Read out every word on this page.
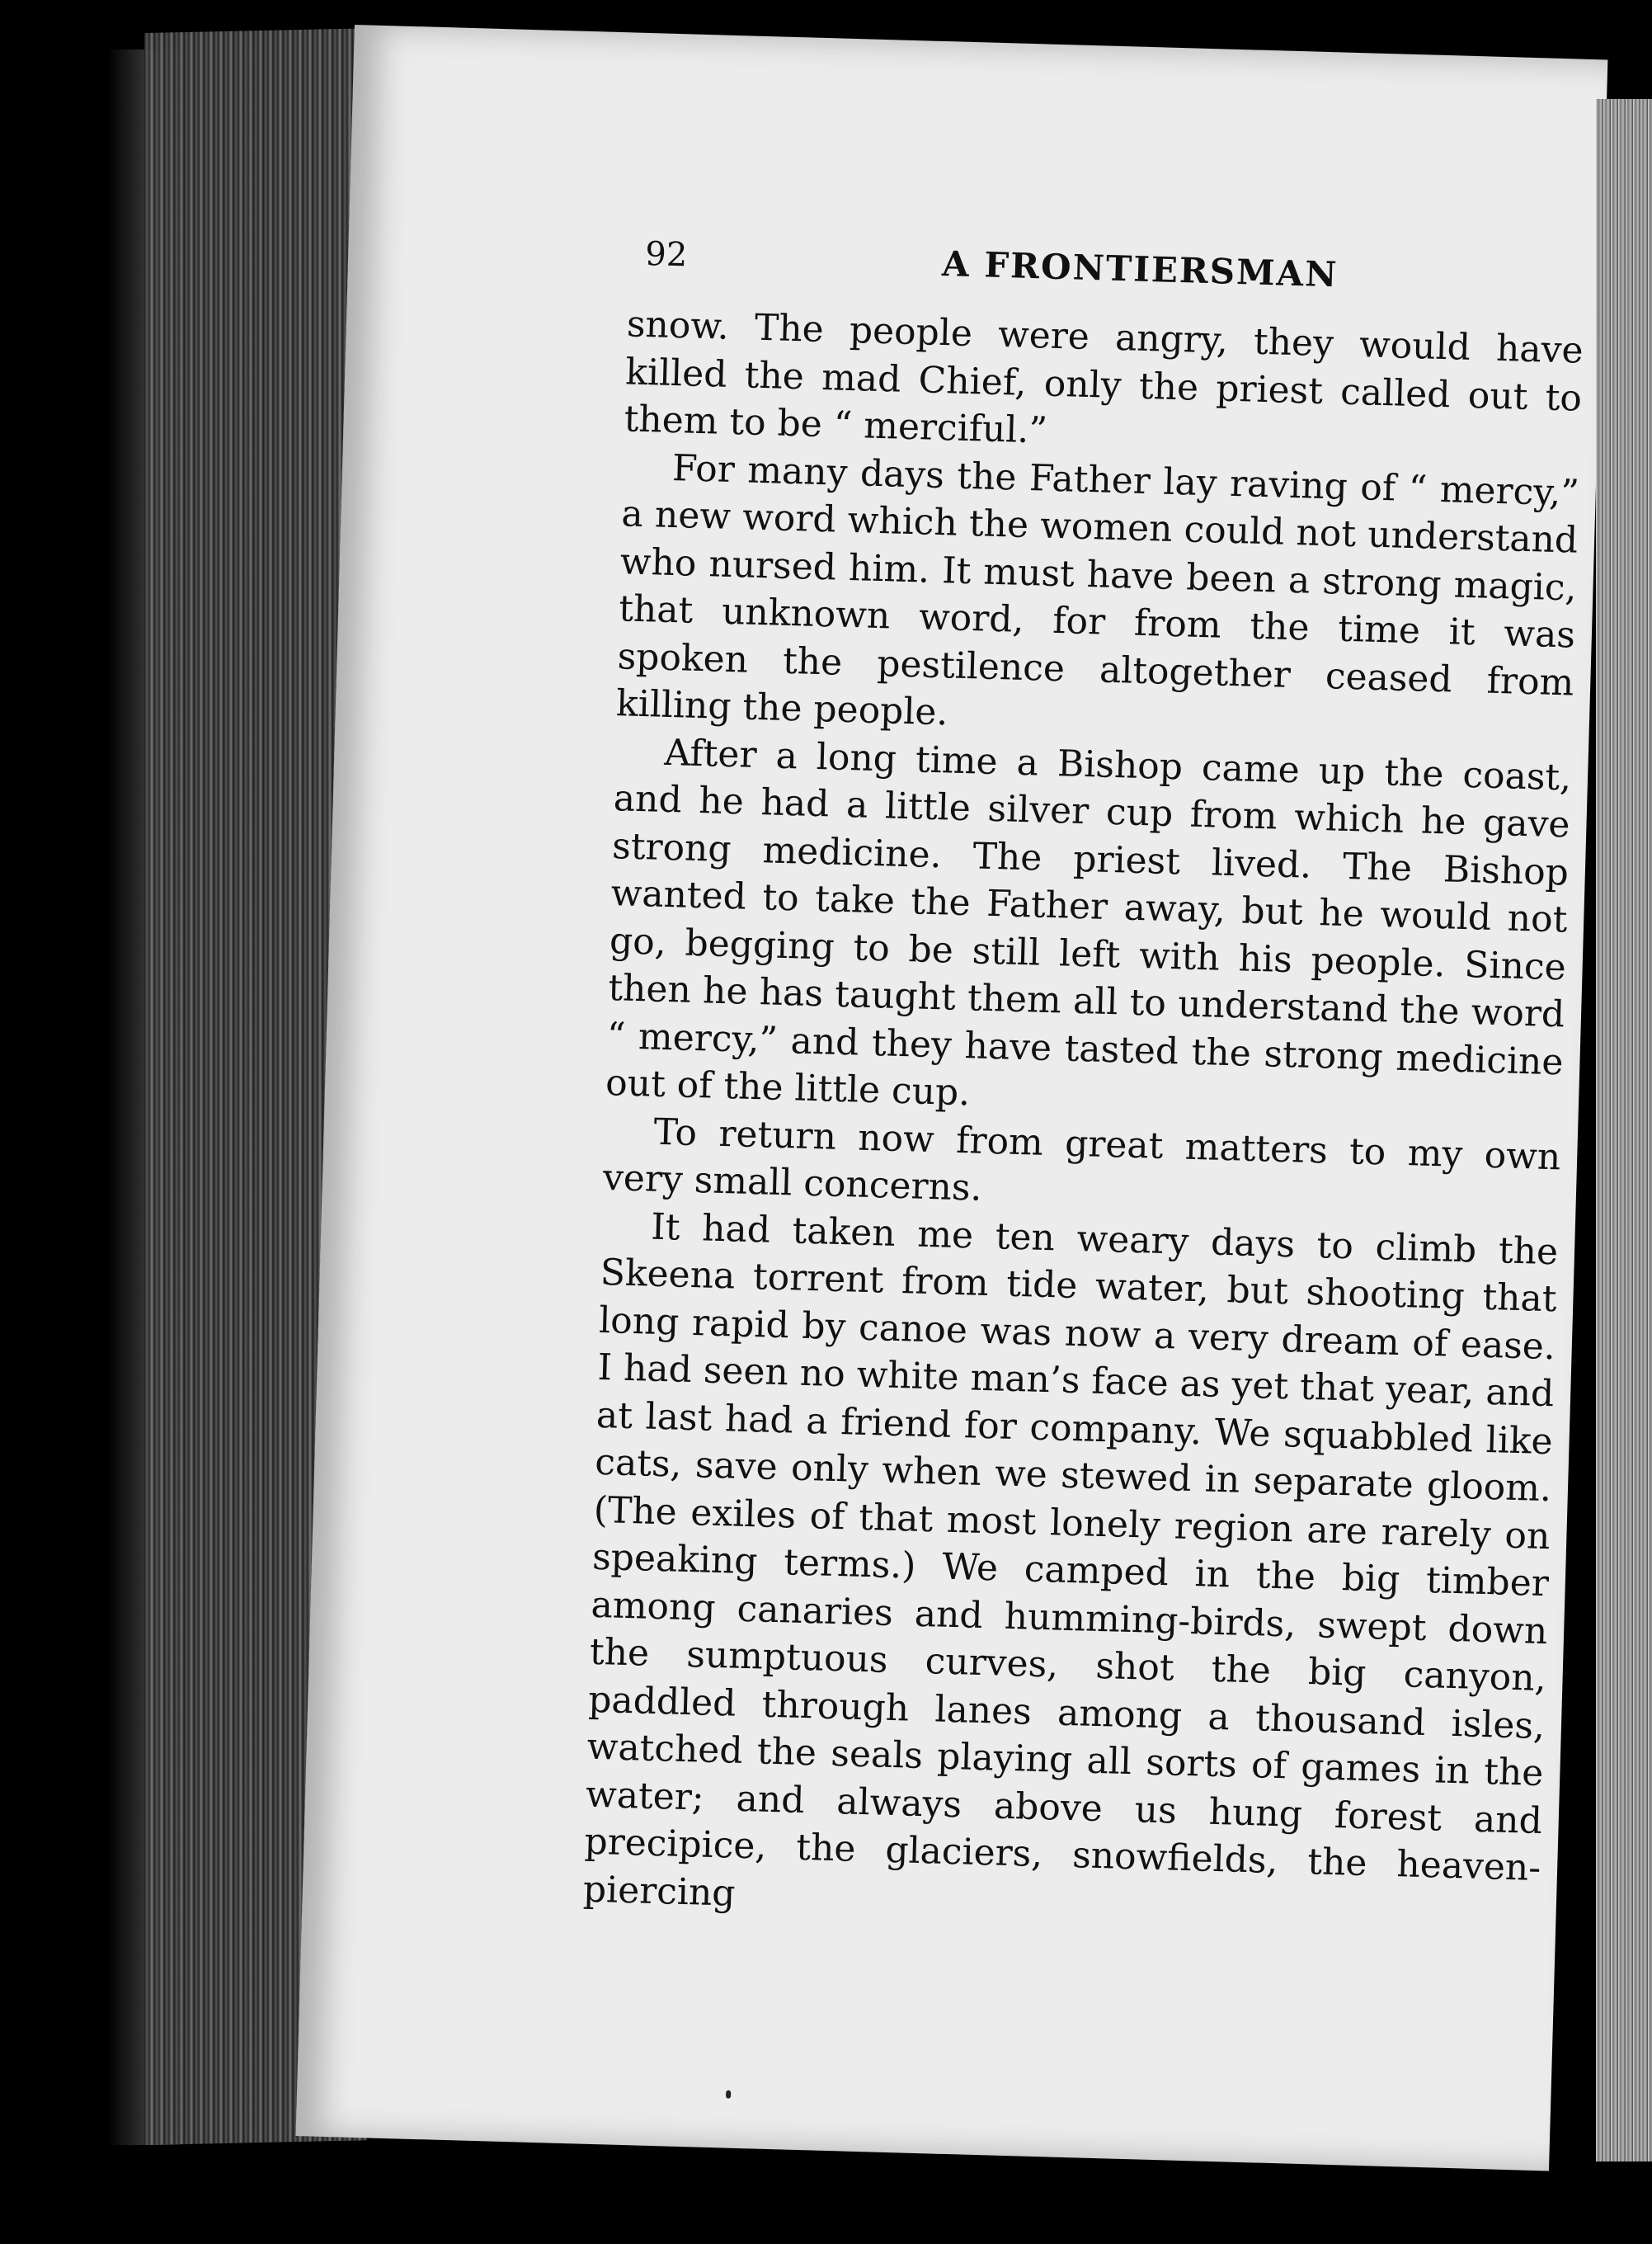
92	A FRONTIERSMAN

snow. The people were angry, they would have killed the mad Chief, only the priest called out to them to be “ merciful.”

For many days the Father lay raving of “ mercy,” a new word which the women could not understand who nursed him. It must have been a strong magic, that unknown word, for from the time it was spoken the pestilence altogether ceased from killing the people.

After a long time a Bishop came up the coast, and he had a little silver cup from which he gave strong medicine. The priest lived. The Bishop wanted to take the Father away, but he would not go, begging to be still left with his people. Since then he has taught them all to understand the word “ mercy,” and they have tasted the strong medicine out of the little cup.

To return now from great matters to my own very small concerns.

It had taken me ten weary days to climb the Skeena torrent from tide water, but shooting that long rapid by canoe was now a very dream of ease. I had seen no white man’s face as yet that year, and at last had a friend for company. We squabbled like cats, save only when we stewed in separate gloom. (The exiles of that most lonely region are rarely on speaking terms.) We camped in the big timber among canaries and humming-birds, swept down the sumptuous curves, shot the big canyon, paddled through lanes among a thousand isles, watched the seals playing all sorts of games in the water; and always above us hung forest and precipice, the glaciers, snowfields, the heaven-piercing
